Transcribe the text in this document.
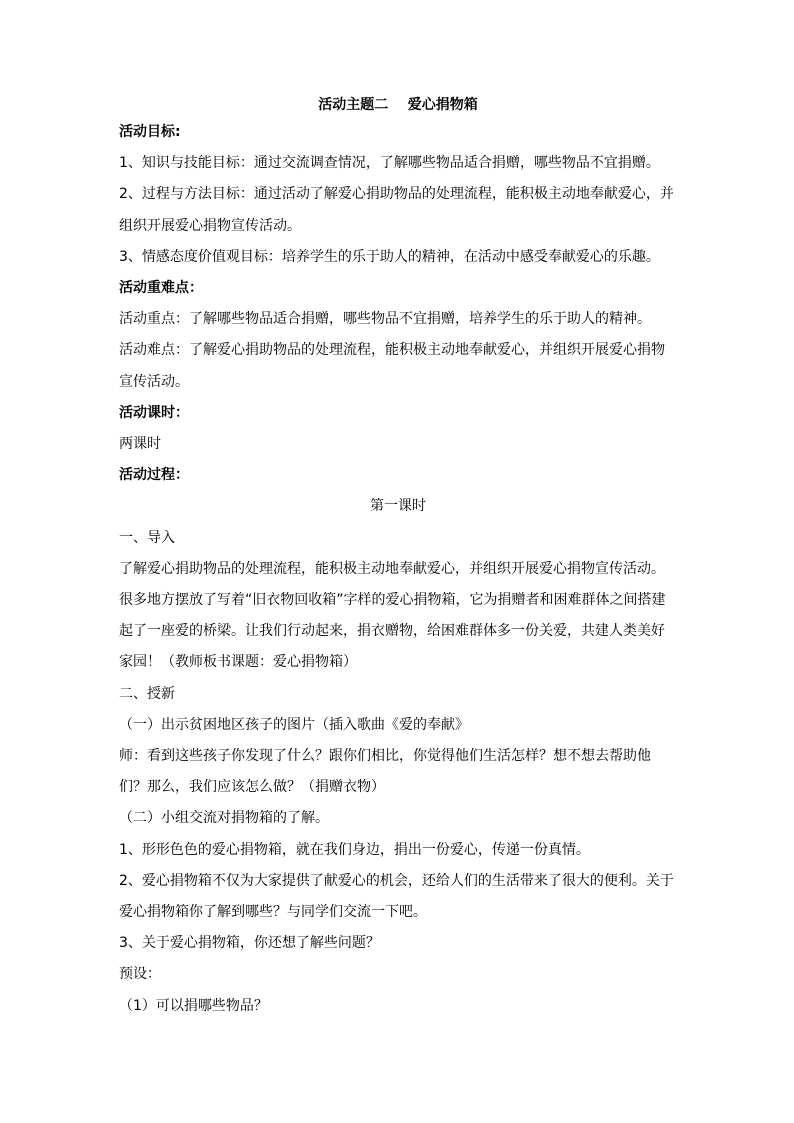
活动主题二    爱心捐物箱

活动目标:

1、知识与技能目标：通过交流调查情况，了解哪些物品适合捐赠，哪些物品不宜捐赠。

2、过程与方法目标：通过活动了解爱心捐助物品的处理流程，能积极主动地奉献爱心，并组织开展爱心捐物宣传活动。

3、情感态度价值观目标：培养学生的乐于助人的精神，在活动中感受奉献爱心的乐趣。

活动重难点：

活动重点：了解哪些物品适合捐赠，哪些物品不宜捐赠，培养学生的乐于助人的精神。

活动难点：了解爱心捐助物品的处理流程，能积极主动地奉献爱心，并组织开展爱心捐物宣传活动。

活动课时：

两课时

活动过程：

第一课时

一、导入

了解爱心捐助物品的处理流程，能积极主动地奉献爱心，并组织开展爱心捐物宣传活动。

很多地方摆放了写着“旧衣物回收箱”字样的爱心捐物箱，它为捐赠者和困难群体之间搭建起了一座爱的桥梁。让我们行动起来，捐衣赠物，给困难群体多一份关爱，共建人类美好家园！（教师板书课题：爱心捐物箱）

二、授新

（一）出示贫困地区孩子的图片（插入歌曲《爱的奉献》

师：看到这些孩子你发现了什么？跟你们相比，你觉得他们生活怎样？想不想去帮助他们？那么，我们应该怎么做？（捐赠衣物）

（二）小组交流对捐物箱的了解。

1、形形色色的爱心捐物箱，就在我们身边，捐出一份爱心，传递一份真情。

2、爱心捐物箱不仅为大家提供了献爱心的机会，还给人们的生活带来了很大的便利。关于爱心捐物箱你了解到哪些？与同学们交流一下吧。

3、关于爱心捐物箱，你还想了解些问题？

预设：

（1）可以捐哪些物品？
